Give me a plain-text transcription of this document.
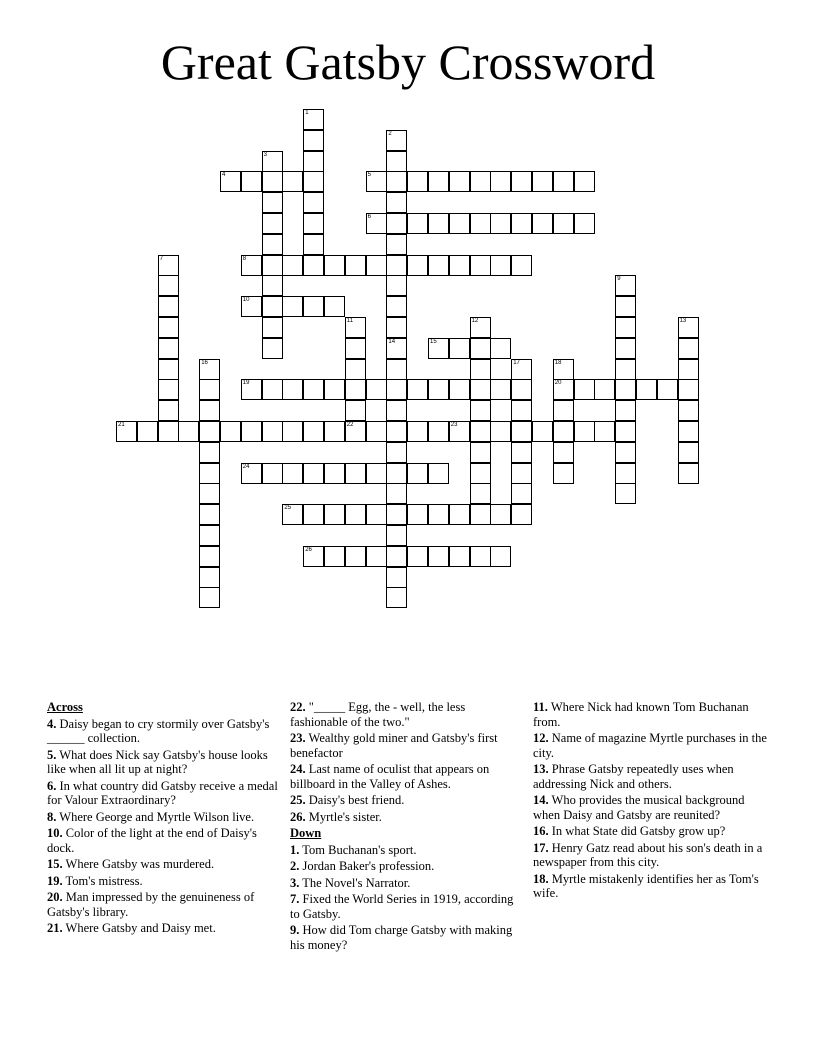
Great Gatsby Crossword
1
2
3
4	5
6
7	8
9
10
11	12	13
14	15
16	17	18
20
19
21	22	23
24
25
26
Across
4. Daisy began to cry stormily over Gatsby's ______ collection.
5. What does Nick say Gatsby's house looks like when all lit up at night?
6. In what country did Gatsby receive a medal for Valour Extraordinary?
8. Where George and Myrtle Wilson live.
10. Color of the light at the end of Daisy's dock.
15. Where Gatsby was murdered.
19. Tom's mistress.
20. Man impressed by the genuineness of Gatsby's library.
21. Where Gatsby and Daisy met.
22. "_____ Egg, the - well, the less fashionable of the two."
23. Wealthy gold miner and Gatsby's first benefactor
24. Last name of oculist that appears on billboard in the Valley of Ashes.
25. Daisy's best friend.
26. Myrtle's sister.
Down
1. Tom Buchanan's sport.
2. Jordan Baker's profession.
3. The Novel's Narrator.
7. Fixed the World Series in 1919, according to Gatsby.
9. How did Tom charge Gatsby with making his money?
11. Where Nick had known Tom Buchanan from.
12. Name of magazine Myrtle purchases in the city.
13. Phrase Gatsby repeatedly uses when addressing Nick and others.
14. Who provides the musical background when Daisy and Gatsby are reunited?
16. In what State did Gatsby grow up?
17. Henry Gatz read about his son's death in a newspaper from this city.
18. Myrtle mistakenly identifies her as Tom's wife.
